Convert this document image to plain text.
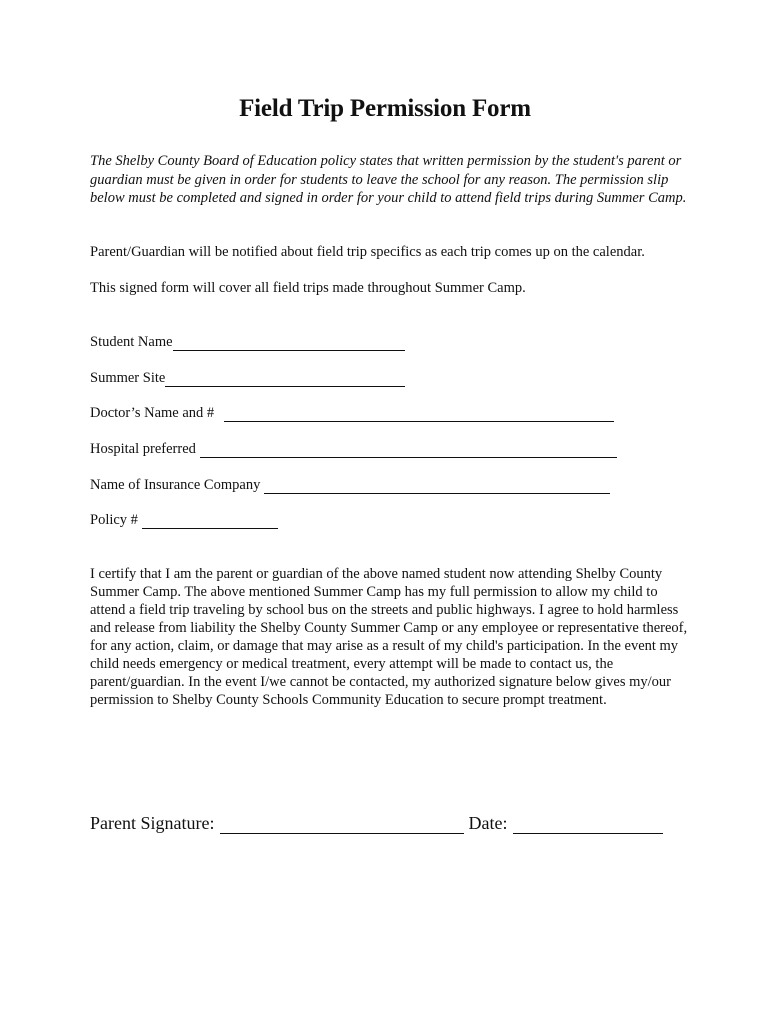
Field Trip Permission Form
The Shelby County Board of Education policy states that written permission by the student's parent or guardian must be given in order for students to leave the school for any reason. The permission slip below must be completed and signed in order for your child to attend field trips during Summer Camp.
Parent/Guardian will be notified about field trip specifics as each trip comes up on the calendar.
This signed form will cover all field trips made throughout Summer Camp.
Student Name
Summer Site
Doctor’s Name and #
Hospital preferred
Name of Insurance Company
Policy #
I certify that I am the parent or guardian of the above named student now attending Shelby County Summer Camp. The above mentioned Summer Camp has my full permission to allow my child to attend a field trip traveling by school bus on the streets and public highways. I agree to hold harmless and release from liability the Shelby County Summer Camp or any employee or representative thereof, for any action, claim, or damage that may arise as a result of my child's participation. In the event my child needs emergency or medical treatment, every attempt will be made to contact us, the parent/guardian. In the event I/we cannot be contacted, my authorized signature below gives my/our permission to Shelby County Schools Community Education to secure prompt treatment.
Parent Signature:	Date:
